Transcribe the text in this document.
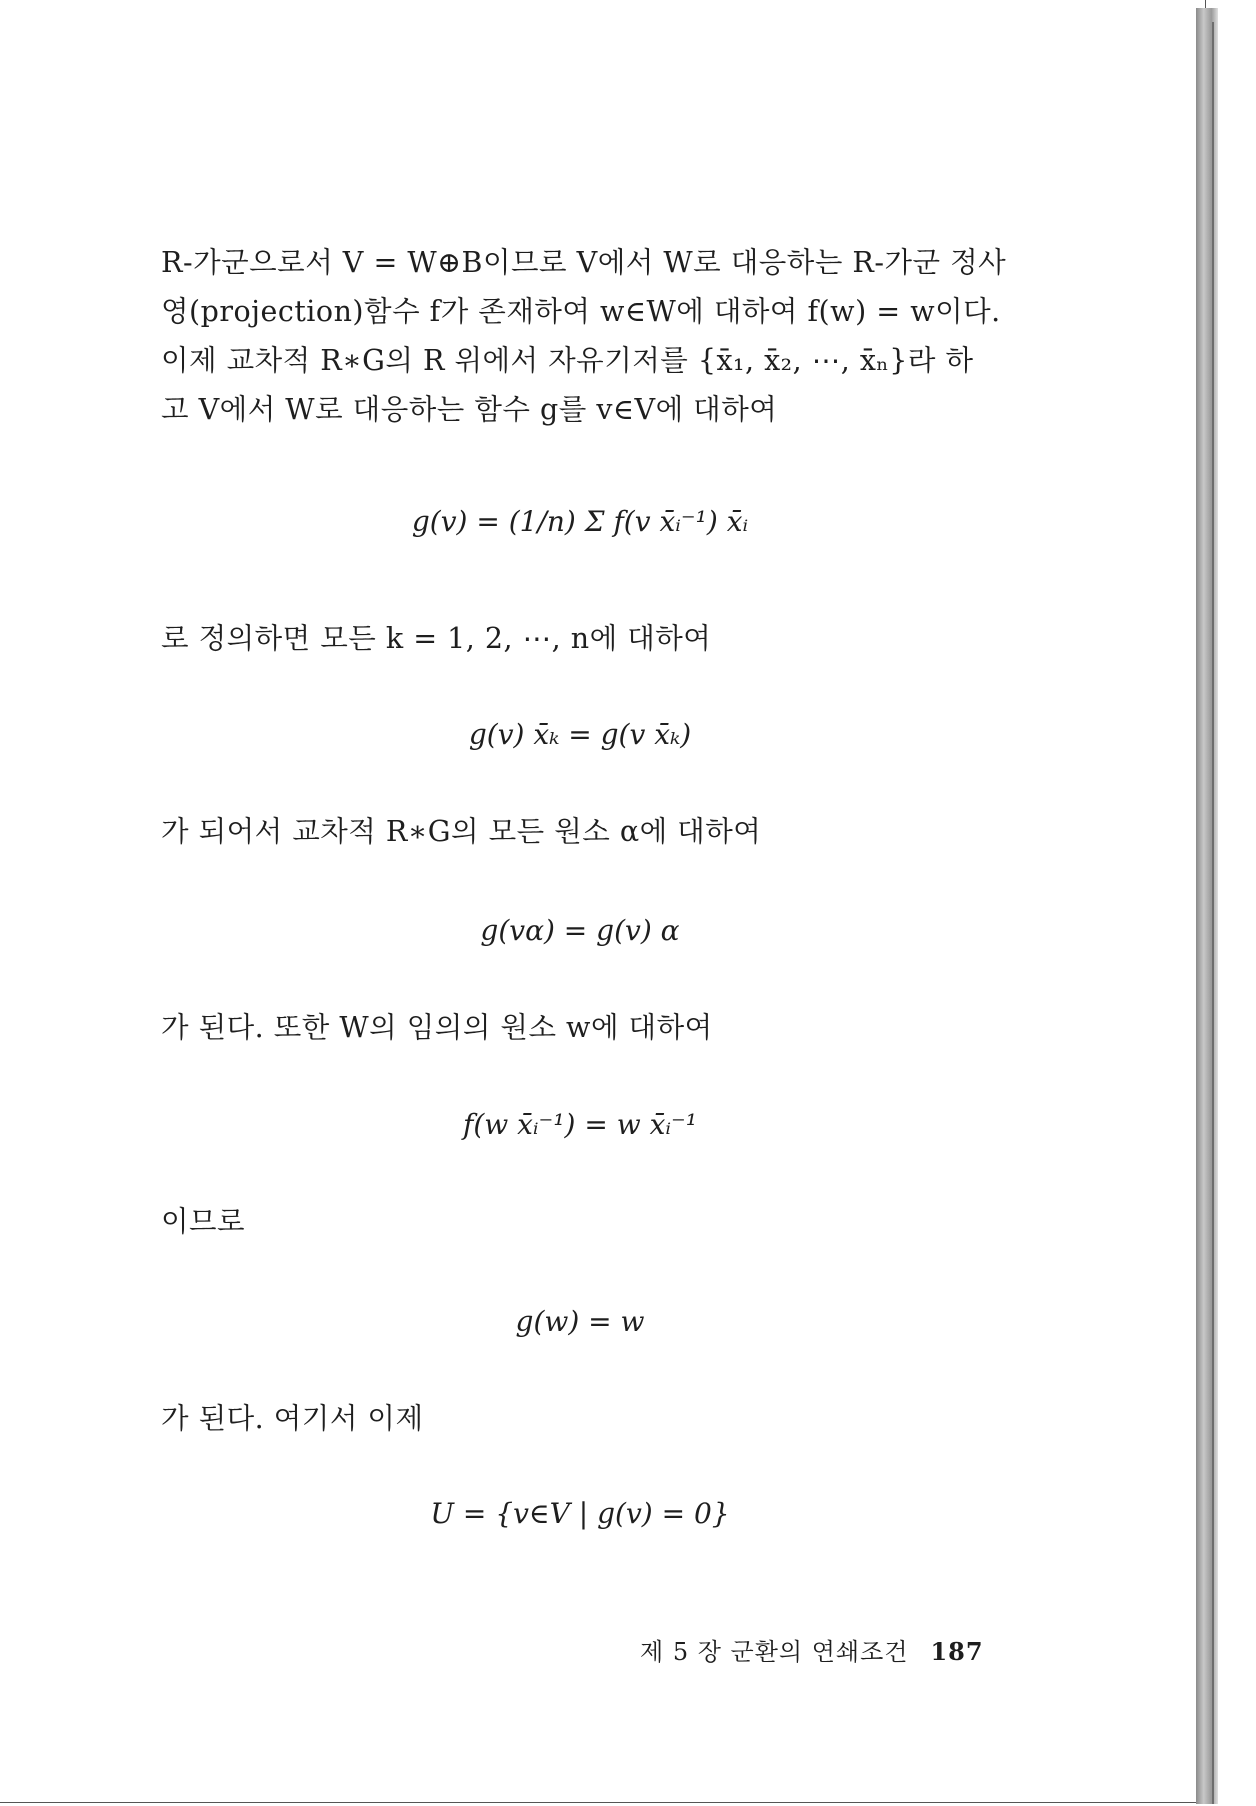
R-가군으로서 V = W⊕B이므로 V에서 W로 대응하는 R-가군 정사
영(projection)함수 f가 존재하여 w∈W에 대하여 f(w) = w이다.
이제 교차적 R∗G의 R 위에서 자유기저를 {x̄₁, x̄₂, ⋯, x̄ₙ}라 하
고 V에서 W로 대응하는 함수 g를 v∈V에 대하여
g(v) = (1/n) Σ f(v x̄ᵢ⁻¹) x̄ᵢ
로 정의하면 모든 k = 1, 2, ⋯, n에 대하여
g(v) x̄ₖ = g(v x̄ₖ)
가 되어서 교차적 R∗G의 모든 원소 α에 대하여
g(vα) = g(v) α
가 된다. 또한 W의 임의의 원소 w에 대하여
f(w x̄ᵢ⁻¹) = w x̄ᵢ⁻¹
이므로
g(w) = w
가 된다. 여기서 이제
U = {v∈V | g(v) = 0}
제 5 장 군환의 연쇄조건 187
